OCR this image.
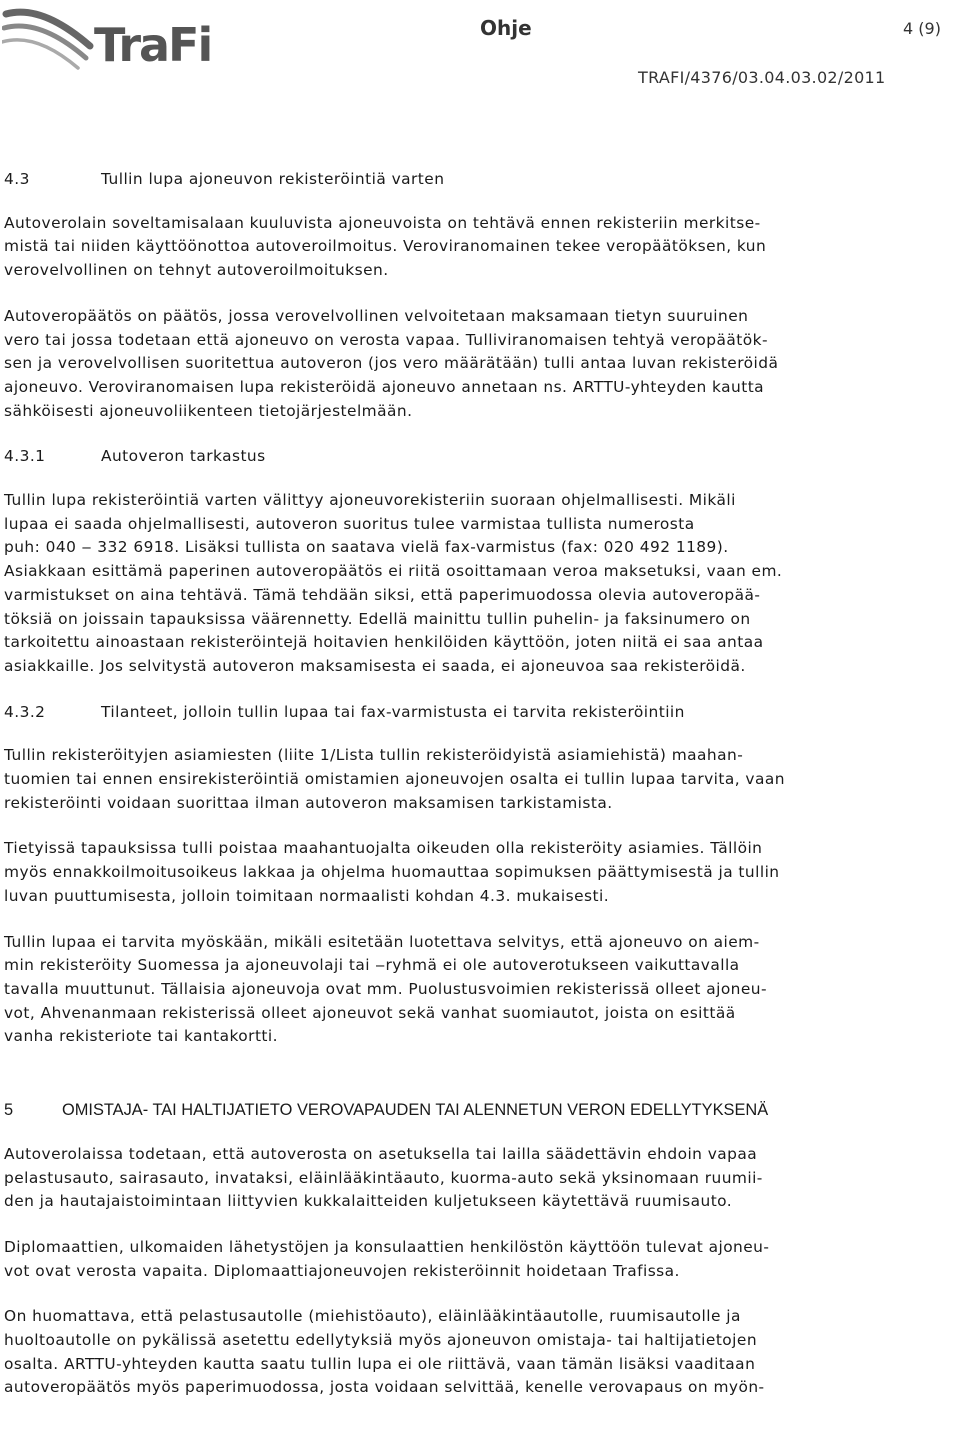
TraFi	Ohje	4 (9)
TRAFI/4376/03.04.03.02/2011
4.3	Tullin lupa ajoneuvon rekisteröintiä varten

Autoverolain soveltamisalaan kuuluvista ajoneuvoista on tehtävä ennen rekisteriin merkitse-
mistä tai niiden käyttöönottoa autoveroilmoitus. Veroviranomainen tekee veropäätöksen, kun
verovelvollinen on tehnyt autoveroilmoituksen.

Autoveropäätös on päätös, jossa verovelvollinen velvoitetaan maksamaan tietyn suuruinen
vero tai jossa todetaan että ajoneuvo on verosta vapaa. Tulliviranomaisen tehtyä veropäätök-
sen ja verovelvollisen suoritettua autoveron (jos vero määrätään) tulli antaa luvan rekisteröidä
ajoneuvo. Veroviranomaisen lupa rekisteröidä ajoneuvo annetaan ns. ARTTU-yhteyden kautta
sähköisesti ajoneuvoliikenteen tietojärjestelmään.

4.3.1	Autoveron tarkastus

Tullin lupa rekisteröintiä varten välittyy ajoneuvorekisteriin suoraan ohjelmallisesti. Mikäli
lupaa ei saada ohjelmallisesti, autoveron suoritus tulee varmistaa tullista numerosta
puh: 040 ‒ 332 6918. Lisäksi tullista on saatava vielä fax-varmistus (fax: 020 492 1189).
Asiakkaan esittämä paperinen autoveropäätös ei riitä osoittamaan veroa maksetuksi, vaan em.
varmistukset on aina tehtävä. Tämä tehdään siksi, että paperimuodossa olevia autoveropää-
töksiä on joissain tapauksissa väärennetty. Edellä mainittu tullin puhelin- ja faksinumero on
tarkoitettu ainoastaan rekisteröintejä hoitavien henkilöiden käyttöön, joten niitä ei saa antaa
asiakkaille. Jos selvitystä autoveron maksamisesta ei saada, ei ajoneuvoa saa rekisteröidä.

4.3.2	Tilanteet, jolloin tullin lupaa tai fax-varmistusta ei tarvita rekisteröintiin

Tullin rekisteröityjen asiamiesten (liite 1/Lista tullin rekisteröidyistä asiamiehistä) maahan-
tuomien tai ennen ensirekisteröintiä omistamien ajoneuvojen osalta ei tullin lupaa tarvita, vaan
rekisteröinti voidaan suorittaa ilman autoveron maksamisen tarkistamista.

Tietyissä tapauksissa tulli poistaa maahantuojalta oikeuden olla rekisteröity asiamies. Tällöin
myös ennakkoilmoitusoikeus lakkaa ja ohjelma huomauttaa sopimuksen päättymisestä ja tullin
luvan puuttumisesta, jolloin toimitaan normaalisti kohdan 4.3. mukaisesti.

Tullin lupaa ei tarvita myöskään, mikäli esitetään luotettava selvitys, että ajoneuvo on aiem-
min rekisteröity Suomessa ja ajoneuvolaji tai ‒ryhmä ei ole autoverotukseen vaikuttavalla
tavalla muuttunut. Tällaisia ajoneuvoja ovat mm. Puolustusvoimien rekisterissä olleet ajoneu-
vot, Ahvenanmaan rekisterissä olleet ajoneuvot sekä vanhat suomiautot, joista on esittää
vanha rekisteriote tai kantakortti.

5	OMISTAJA- TAI HALTIJATIETO VEROVAPAUDEN TAI ALENNETUN VERON EDELLYTYKSENÄ

Autoverolaissa todetaan, että autoverosta on asetuksella tai lailla säädettävin ehdoin vapaa
pelastusauto, sairasauto, invataksi, eläinlääkintäauto, kuorma-auto sekä yksinomaan ruumii-
den ja hautajaistoimintaan liittyvien kukkalaitteiden kuljetukseen käytettävä ruumisauto.

Diplomaattien, ulkomaiden lähetystöjen ja konsulaattien henkilöstön käyttöön tulevat ajoneu-
vot ovat verosta vapaita. Diplomaattiajoneuvojen rekisteröinnit hoidetaan Trafissa.

On huomattava, että pelastusautolle (miehistöauto), eläinlääkintäautolle, ruumisautolle ja
huoltoautolle on pykälissä asetettu edellytyksiä myös ajoneuvon omistaja- tai haltijatietojen
osalta. ARTTU-yhteyden kautta saatu tullin lupa ei ole riittävä, vaan tämän lisäksi vaaditaan
autoveropäätös myös paperimuodossa, josta voidaan selvittää, kenelle verovapaus on myön-
